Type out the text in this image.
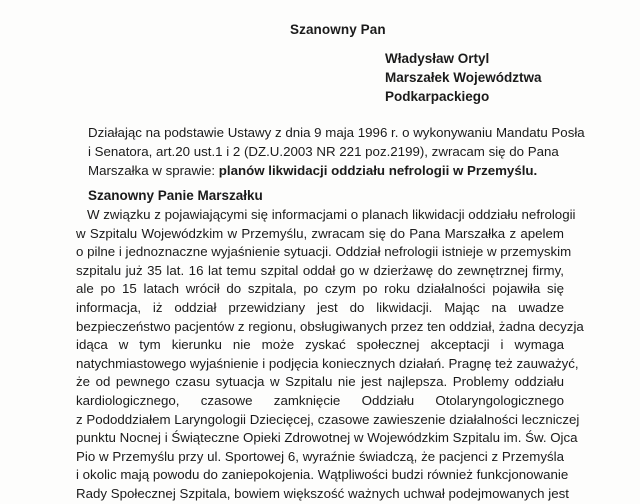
Szanowny Pan
Władysław Ortyl
Marszałek Województwa
Podkarpackiego
Działając na podstawie Ustawy z dnia 9 maja 1996 r. o wykonywaniu Mandatu Posła
i Senatora, art.20 ust.1 i 2 (DZ.U.2003 NR 221 poz.2199), zwracam się do Pana
Marszałka w sprawie: planów likwidacji oddziału nefrologii w Przemyślu.
Szanowny Panie Marszałku
W związku z pojawiającymi się informacjami o planach likwidacji oddziału nefrologii
w Szpitalu Wojewódzkim w Przemyślu, zwracam się do Pana Marszałka z apelem
o pilne i jednoznaczne wyjaśnienie sytuacji. Oddział nefrologii istnieje w przemyskim
szpitalu już 35 lat. 16 lat temu szpital oddał go w dzierżawę do zewnętrznej firmy,
ale po 15 latach wrócił do szpitala, po czym po roku działalności pojawiła się
informacja, iż oddział przewidziany jest do likwidacji. Mając na uwadze
bezpieczeństwo pacjentów z regionu, obsługiwanych przez ten oddział, żadna decyzja
idąca w tym kierunku nie może zyskać społecznej akceptacji i wymaga
natychmiastowego wyjaśnienie i podjęcia koniecznych działań. Pragnę też zauważyć,
że od pewnego czasu sytuacja w Szpitalu nie jest najlepsza. Problemy oddziału
kardiologicznego, czasowe zamknięcie Oddziału Otolaryngologicznego
z Pododdziałem Laryngologii Dziecięcej, czasowe zawieszenie działalności leczniczej
punktu Nocnej i Świąteczne Opieki Zdrowotnej w Wojewódzkim Szpitalu im. Św. Ojca
Pio w Przemyślu przy ul. Sportowej 6, wyraźnie świadczą, że pacjenci z Przemyśla
i okolic mają powodu do zaniepokojenia. Wątpliwości budzi również funkcjonowanie
Rady Społecznej Szpitala, bowiem większość ważnych uchwał podejmowanych jest
